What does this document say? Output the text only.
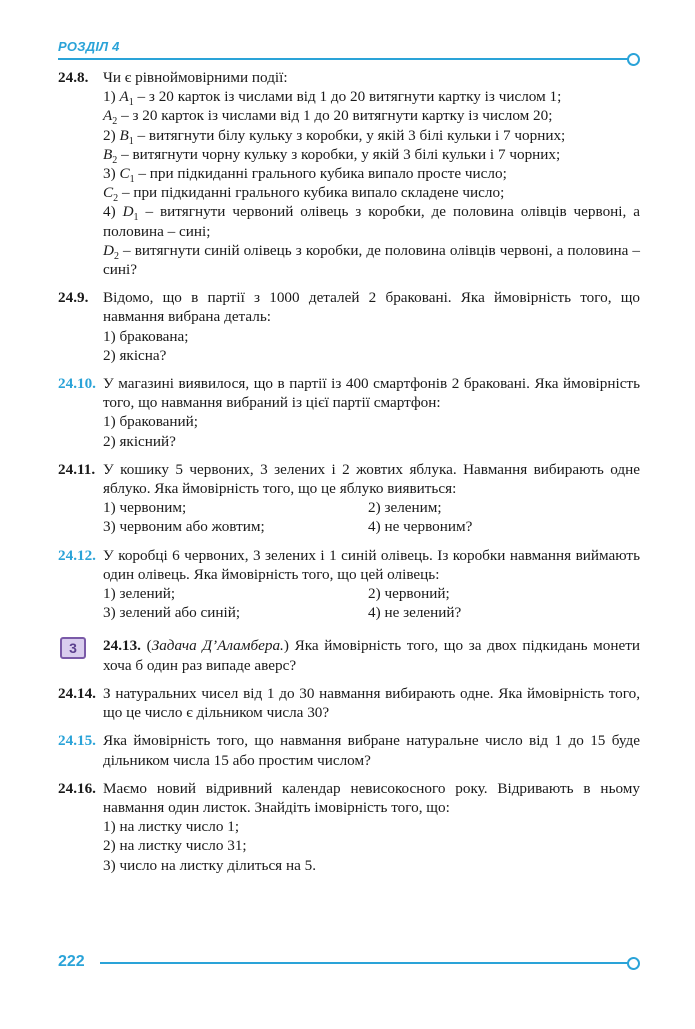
РОЗДІЛ 4
24.8. Чи є рівноймовірними події:
1) $A_1$ – з 20 карток із числами від 1 до 20 витягнути картку із числом 1;
$A_2$ – з 20 карток із числами від 1 до 20 витягнути картку із числом 20;
2) $B_1$ – витягнути білу кульку з коробки, у якій 3 білі кульки і 7 чорних;
$B_2$ – витягнути чорну кульку з коробки, у якій 3 білі кульки і 7 чорних;
3) $C_1$ – при підкиданні грального кубика випало просте число;
$C_2$ – при підкиданні грального кубика випало складене число;
4) $D_1$ – витягнути червоний олівець з коробки, де половина олівців червоні, а половина – сині;
$D_2$ – витягнути синій олівець з коробки, де половина олівців червоні, а половина – сині?
24.9. Відомо, що в партії з 1000 деталей 2 браковані. Яка ймовірність того, що навмання вибрана деталь:
1) бракована;
2) якісна?
24.10. У магазині виявилося, що в партії із 400 смартфонів 2 браковані. Яка ймовірність того, що навмання вибраний із цієї партії смартфон:
1) бракований;
2) якісний?
24.11. У кошику 5 червоних, 3 зелених і 2 жовтих яблука. Навмання вибирають одне яблуко. Яка ймовірність того, що це яблуко виявиться:
1) червоним;	2) зеленим;
3) червоним або жовтим;	4) не червоним?
24.12. У коробці 6 червоних, 3 зелених і 1 синій олівець. Із коробки навмання виймають один олівець. Яка ймовірність того, що цей олівець:
1) зелений;	2) червоний;
3) зелений або синій;	4) не зелений?
3	24.13. (Задача Д’Аламбера.) Яка ймовірність того, що за двох підкидань монети хоча б один раз випаде аверс?
24.14. З натуральних чисел від 1 до 30 навмання вибирають одне. Яка ймовірність того, що це число є дільником числа 30?
24.15. Яка ймовірність того, що навмання вибране натуральне число від 1 до 15 буде дільником числа 15 або простим числом?
24.16. Маємо новий відривний календар невисокосного року. Відривають в ньому навмання один листок. Знайдіть імовірність того, що:
1) на листку число 1;
2) на листку число 31;
3) число на листку ділиться на 5.
222
